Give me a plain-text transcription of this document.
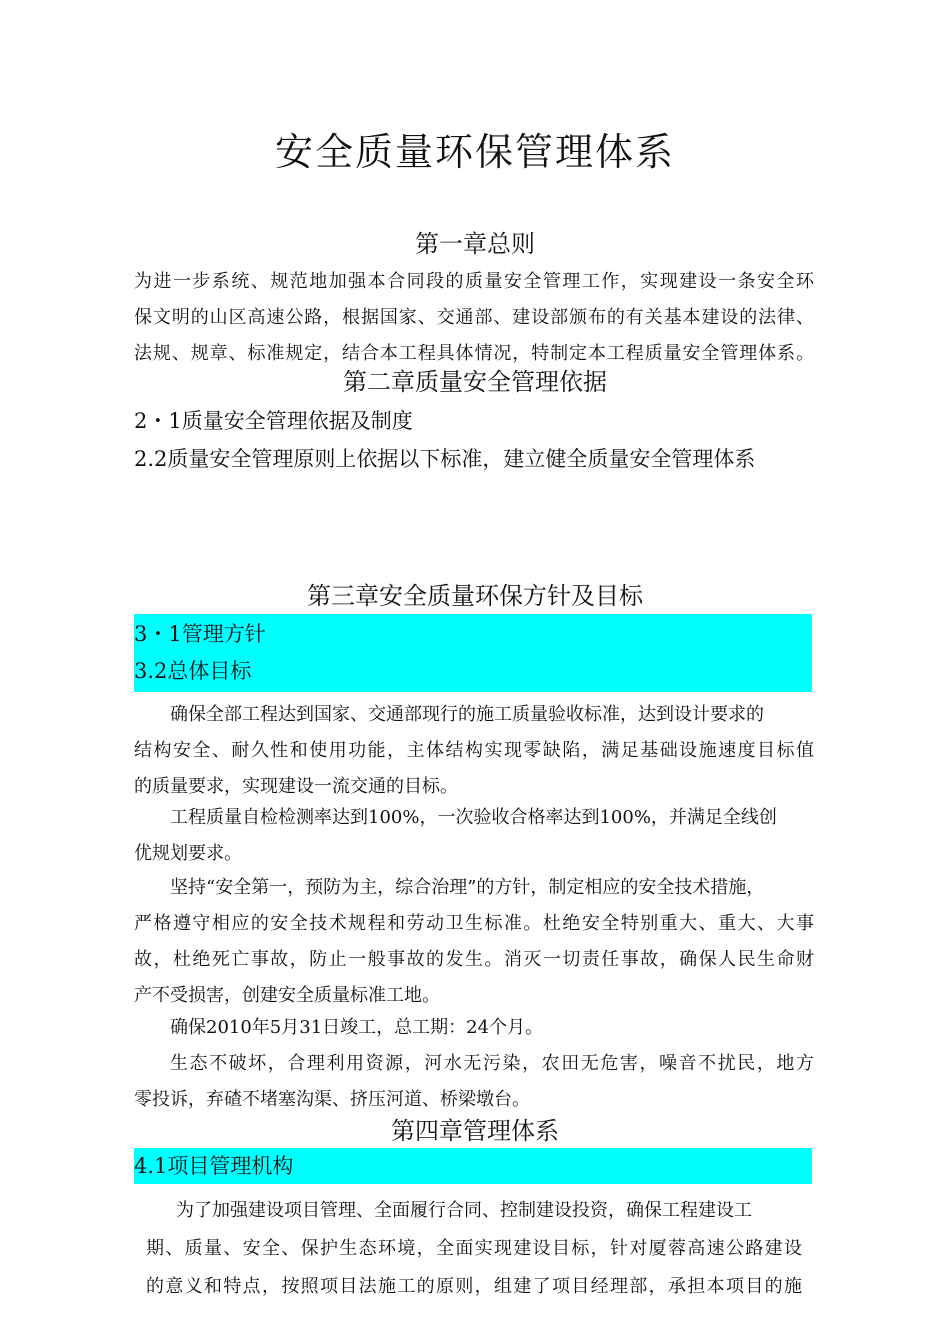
安全质量环保管理体系
第一章总则
为进一步系统、规范地加强本合同段的质量安全管理工作，实现建设一条安全环
保文明的山区高速公路，根据国家、交通部、建设部颁布的有关基本建设的法律、
法规、规章、标准规定，结合本工程具体情况，特制定本工程质量安全管理体系。
第二章质量安全管理依据
2・1质量安全管理依据及制度
2.2质量安全管理原则上依据以下标准，建立健全质量安全管理体系
第三章安全质量环保方针及目标
3・1管理方针
3.2总体目标
确保全部工程达到国家、交通部现行的施工质量验收标准，达到设计要求的
结构安全、耐久性和使用功能，主体结构实现零缺陷，满足基础设施速度目标值
的质量要求，实现建设一流交通的目标。
工程质量自检检测率达到100%，一次验收合格率达到100%，并满足全线创
优规划要求。
坚持“安全第一，预防为主，综合治理”的方针，制定相应的安全技术措施，
严格遵守相应的安全技术规程和劳动卫生标准。杜绝安全特别重大、重大、大事
故，杜绝死亡事故，防止一般事故的发生。消灭一切责任事故，确保人民生命财
产不受损害，创建安全质量标准工地。
确保2010年5月31日竣工，总工期：24个月。
生态不破坏，合理利用资源，河水无污染，农田无危害，噪音不扰民，地方
零投诉，弃碴不堵塞沟渠、挤压河道、桥梁墩台。
第四章管理体系
4.1项目管理机构
为了加强建设项目管理、全面履行合同、控制建设投资，确保工程建设工
期、质量、安全、保护生态环境，全面实现建设目标，针对厦蓉高速公路建设
的意义和特点，按照项目法施工的原则，组建了项目经理部，承担本项目的施
